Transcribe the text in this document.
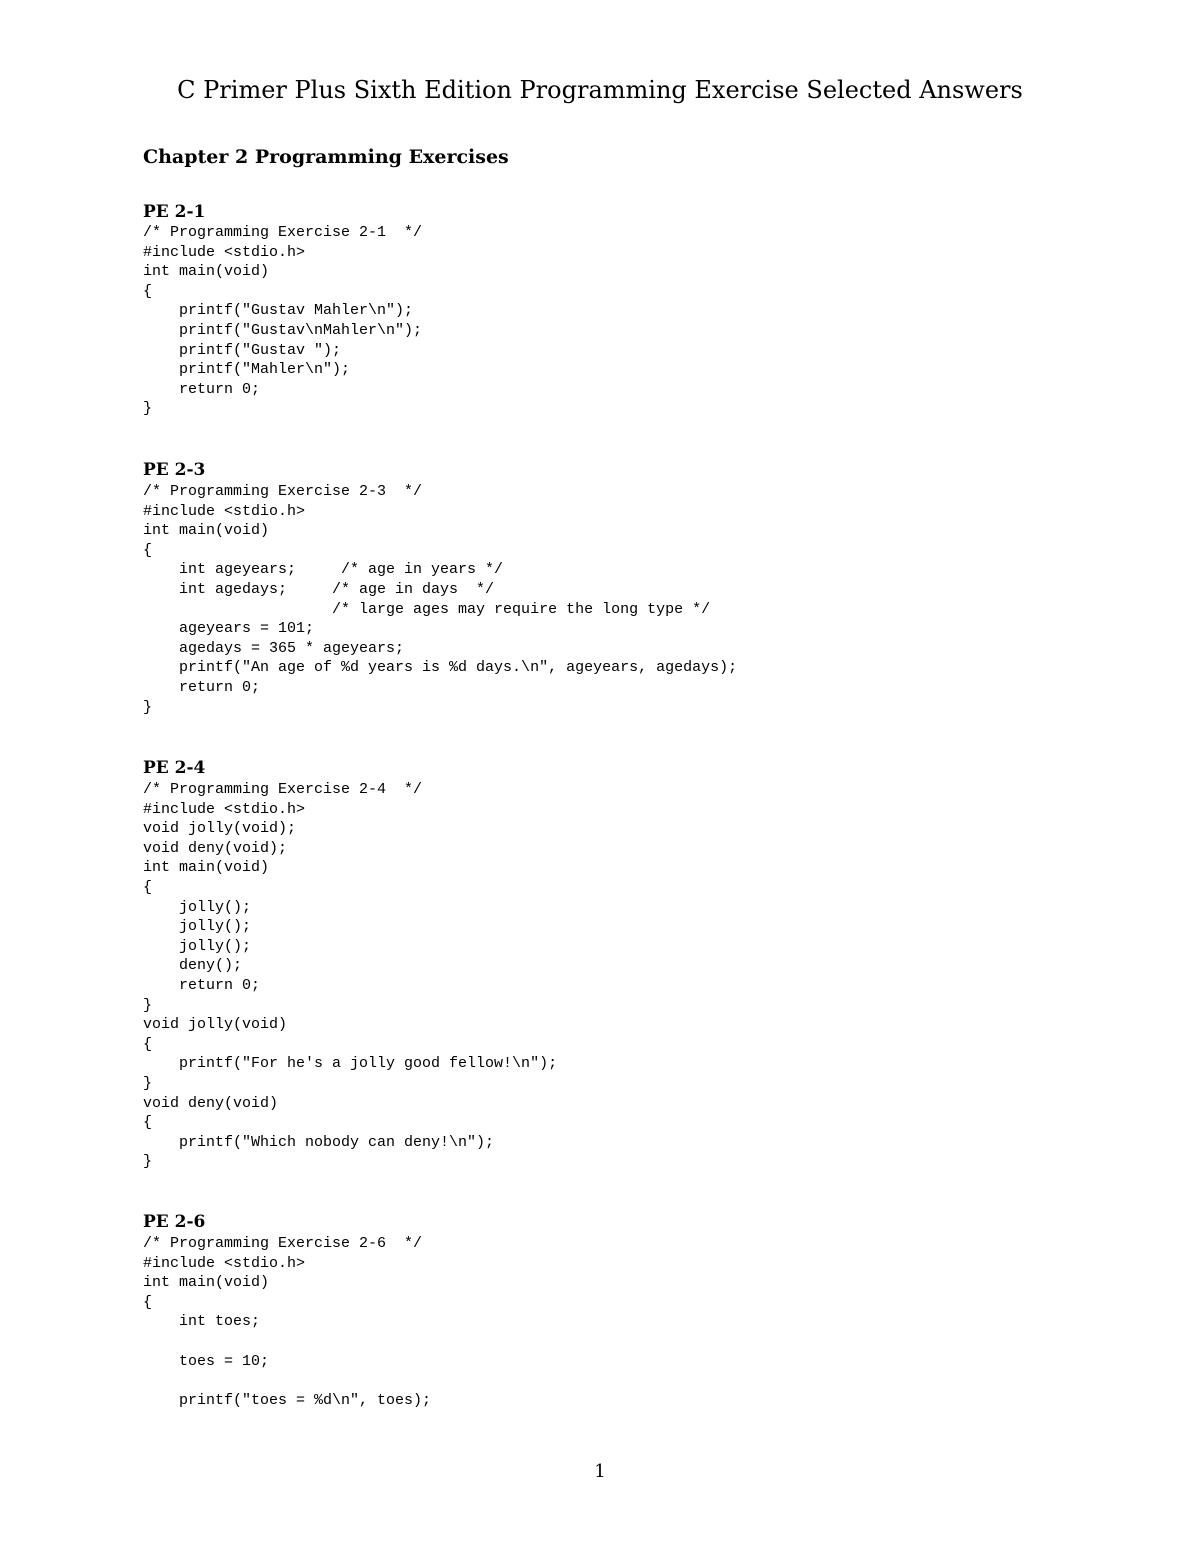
C Primer Plus Sixth Edition Programming Exercise Selected Answers
Chapter 2 Programming Exercises
PE 2-1
/* Programming Exercise 2-1  */
#include <stdio.h>
int main(void)
{
printf("Gustav Mahler\n");
printf("Gustav\nMahler\n");
printf("Gustav ");
printf("Mahler\n");
return 0;
}
PE 2-3
/* Programming Exercise 2-3  */
#include <stdio.h>
int main(void)
{
int ageyears;     /* age in years */
int agedays;     /* age in days  */
/* large ages may require the long type */
ageyears = 101;
agedays = 365 * ageyears;
printf("An age of %d years is %d days.\n", ageyears, agedays);
return 0;
}
PE 2-4
/* Programming Exercise 2-4  */
#include <stdio.h>
void jolly(void);
void deny(void);
int main(void)
{
jolly();
jolly();
jolly();
deny();
return 0;
}
void jolly(void)
{
printf("For he's a jolly good fellow!\n");
}
void deny(void)
{
printf("Which nobody can deny!\n");
}
PE 2-6
/* Programming Exercise 2-6  */
#include <stdio.h>
int main(void)
{
int toes;
toes = 10;
printf("toes = %d\n", toes);
1
